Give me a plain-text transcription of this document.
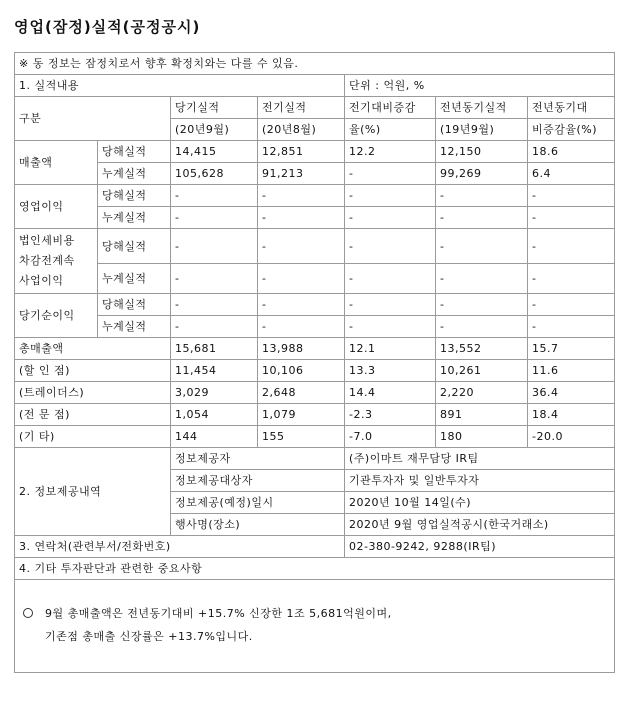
영업(잠정)실적(공정공시)
※ 동 정보는 잠정치로서 향후 확정치와는 다를 수 있음.						
1. 실적내용				단위 : 억원, %		
구분		당기실적	전기실적	전기대비증감	전년동기실적	전년동기대
		(20년9월)	(20년8월)	율(%)	(19년9월)	비증감율(%)
매출액	당해실적	14,415	12,851	12.2	12,150	18.6
	누계실적	105,628	91,213	-	99,269	6.4
영업이익	당해실적	-	-	-	-	-
	누계실적	-	-	-	-	-

법인세비용
차감전계속
사업이익	당해실적	-	-	-	-	-
	누계실적	-	-	-	-	-
당기순이익	당해실적	-	-	-	-	-
	누계실적	-	-	-	-	-
총매출액		15,681	13,988	12.1	13,552	15.7
(할 인 점)		11,454	10,106	13.3	10,261	11.6
(트레이더스)		3,029	2,648	14.4	2,220	36.4
(전 문 점)		1,054	1,079	-2.3	891	18.4
(기 타)		144	155	-7.0	180	-20.0
2. 정보제공내역		정보제공자		(주)이마트 재무담당 IR팀		
		정보제공대상자		기관투자자 및 일반투자자		
		정보제공(예정)일시		2020년 10월 14일(수)		
		행사명(장소)		2020년 9월 영업실적공시(한국거래소)		
3. 연락처(관련부서/전화번호)				02-380-9242, 9288(IR팀)		
4. 기타 투자판단과 관련한 중요사항						

9월 총매출액은 전년동기대비 +15.7% 신장한 1조 5,681억원이며,
기존점 총매출 신장률은 +13.7%입니다.						
